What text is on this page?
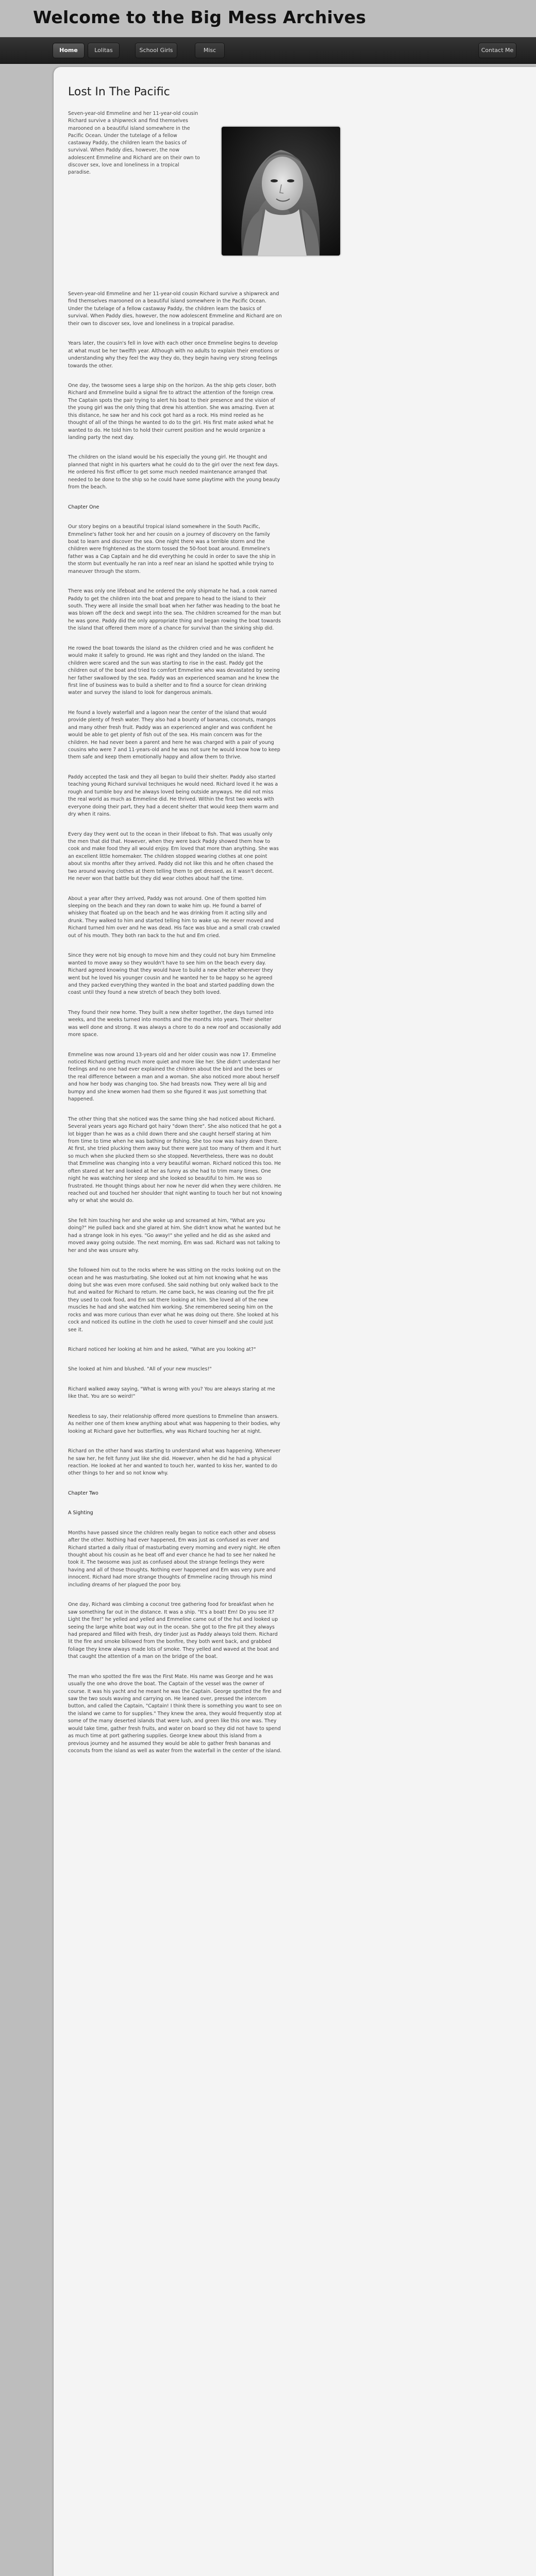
Welcome to the Big Mess Archives
Home	Lolitas	School Girls	Misc	Contact Me
Lost In The Pacific

Seven-year-old Emmeline and her 11-year-old cousin Richard survive a shipwreck and find themselves marooned on a beautiful island somewhere in the Pacific Ocean. Under the tutelage of a fellow castaway Paddy, the children learn the basics of survival. When Paddy dies, however, the now adolescent Emmeline and Richard are on their own to discover sex, love and loneliness in a tropical paradise.

Seven-year-old Emmeline and her 11-year-old cousin Richard survive a shipwreck and find themselves marooned on a beautiful island somewhere in the Pacific Ocean. Under the tutelage of a fellow castaway Paddy, the children learn the basics of survival. When Paddy dies, however, the now adolescent Emmeline and Richard are on their own to discover sex, love and loneliness in a tropical paradise.

Years later, the cousin's fell in love with each other once Emmeline begins to develop at what must be her twelfth year. Although with no adults to explain their emotions or understanding why they feel the way they do, they begin having very strong feelings towards the other.

One day, the twosome sees a large ship on the horizon. As the ship gets closer, both Richard and Emmeline build a signal fire to attract the attention of the foreign crew. The Captain spots the pair trying to alert his boat to their presence and the vision of the young girl was the only thing that drew his attention. She was amazing. Even at this distance, he saw her and his cock got hard as a rock. His mind reeled as he thought of all of the things he wanted to do to the girl. His first mate asked what he wanted to do. He told him to hold their current position and he would organize a landing party the next day.

The children on the island would be his especially the young girl. He thought and planned that night in his quarters what he could do to the girl over the next few days. He ordered his first officer to get some much needed maintenance arranged that needed to be done to the ship so he could have some playtime with the young beauty from the beach.

Chapter One

Our story begins on a beautiful tropical island somewhere in the South Pacific, Emmeline's father took her and her cousin on a journey of discovery on the family boat to learn and discover the sea. One night there was a terrible storm and the children were frightened as the storm tossed the 50-foot boat around. Emmeline's father was a Cap Captain and he did everything he could in order to save the ship in the storm but eventually he ran into a reef near an island he spotted while trying to maneuver through the storm.

There was only one lifeboat and he ordered the only shipmate he had, a cook named Paddy to get the children into the boat and prepare to head to the island to their south. They were all inside the small boat when her father was heading to the boat he was blown off the deck and swept into the sea. The children screamed for the man but he was gone. Paddy did the only appropriate thing and began rowing the boat towards the island that offered them more of a chance for survival than the sinking ship did.

He rowed the boat towards the island as the children cried and he was confident he would make it safely to ground. He was right and they landed on the island. The children were scared and the sun was starting to rise in the east. Paddy got the children out of the boat and tried to comfort Emmeline who was devastated by seeing her father swallowed by the sea. Paddy was an experienced seaman and he knew the first line of business was to build a shelter and to find a source for clean drinking water and survey the island to look for dangerous animals.

He found a lovely waterfall and a lagoon near the center of the island that would provide plenty of fresh water. They also had a bounty of bananas, coconuts, mangos and many other fresh fruit. Paddy was an experienced angler and was confident he would be able to get plenty of fish out of the sea. His main concern was for the children. He had never been a parent and here he was charged with a pair of young cousins who were 7 and 11-years-old and he was not sure he would know how to keep them safe and keep them emotionally happy and allow them to thrive.

Paddy accepted the task and they all began to build their shelter. Paddy also started teaching young Richard survival techniques he would need. Richard loved it he was a rough and tumble boy and he always loved being outside anyways. He did not miss the real world as much as Emmeline did. He thrived. Within the first two weeks with everyone doing their part, they had a decent shelter that would keep them warm and dry when it rains.

Every day they went out to the ocean in their lifeboat to fish. That was usually only the men that did that. However, when they were back Paddy showed them how to cook and make food they all would enjoy. Em loved that more than anything. She was an excellent little homemaker. The children stopped wearing clothes at one point about six months after they arrived. Paddy did not like this and he often chased the two around waving clothes at them telling them to get dressed, as it wasn't decent. He never won that battle but they did wear clothes about half the time.

About a year after they arrived, Paddy was not around. One of them spotted him sleeping on the beach and they ran down to wake him up. He found a barrel of whiskey that floated up on the beach and he was drinking from it acting silly and drunk. They walked to him and started telling him to wake up. He never moved and Richard turned him over and he was dead. His face was blue and a small crab crawled out of his mouth. They both ran back to the hut and Em cried.

Since they were not big enough to move him and they could not bury him Emmeline wanted to move away so they wouldn't have to see him on the beach every day. Richard agreed knowing that they would have to build a new shelter wherever they went but he loved his younger cousin and he wanted her to be happy so he agreed and they packed everything they wanted in the boat and started paddling down the coast until they found a new stretch of beach they both loved.

They found their new home. They built a new shelter together, the days turned into weeks, and the weeks turned into months and the months into years. Their shelter was well done and strong. It was always a chore to do a new roof and occasionally add more space.

Emmeline was now around 13-years old and her older cousin was now 17. Emmeline noticed Richard getting much more quiet and more like her. She didn't understand her feelings and no one had ever explained the children about the bird and the bees or the real difference between a man and a woman. She also noticed more about herself and how her body was changing too. She had breasts now. They were all big and bumpy and she knew women had them so she figured it was just something that happened.

The other thing that she noticed was the same thing she had noticed about Richard. Several years years ago Richard got hairy "down there". She also noticed that he got a lot bigger than he was as a child down there and she caught herself staring at him from time to time when he was bathing or fishing. She too now was hairy down there. At first, she tried plucking them away but there were just too many of them and it hurt so much when she plucked them so she stopped. Nevertheless, there was no doubt that Emmeline was changing into a very beautiful woman. Richard noticed this too. He often stared at her and looked at her as funny as she had to trim many times. One night he was watching her sleep and she looked so beautiful to him. He was so frustrated. He thought things about her now he never did when they were children. He reached out and touched her shoulder that night wanting to touch her but not knowing why or what she would do.

She felt him touching her and she woke up and screamed at him, "What are you doing?" He pulled back and she glared at him. She didn't know what he wanted but he had a strange look in his eyes. "Go away!" she yelled and he did as she asked and moved away going outside. The next morning, Em was sad. Richard was not talking to her and she was unsure why.

She followed him out to the rocks where he was sitting on the rocks looking out on the ocean and he was masturbating. She looked out at him not knowing what he was doing but she was even more confused. She said nothing but only walked back to the hut and waited for Richard to return. He came back, he was cleaning out the fire pit they used to cook food, and Em sat there looking at him. She loved all of the new muscles he had and she watched him working. She remembered seeing him on the rocks and was more curious than ever what he was doing out there. She looked at his cock and noticed its outline in the cloth he used to cover himself and she could just see it.

Richard noticed her looking at him and he asked, "What are you looking at?"

She looked at him and blushed. "All of your new muscles!"

Richard walked away saying, "What is wrong with you? You are always staring at me like that. You are so weird!"

Needless to say, their relationship offered more questions to Emmeline than answers. As neither one of them knew anything about what was happening to their bodies, why looking at Richard gave her butterflies, why was Richard touching her at night.

Richard on the other hand was starting to understand what was happening. Whenever he saw her, he felt funny just like she did. However, when he did he had a physical reaction. He looked at her and wanted to touch her, wanted to kiss her, wanted to do other things to her and so not know why.

Chapter Two

A Sighting

Months have passed since the children really began to notice each other and obsess after the other. Nothing had ever happened, Em was just as confused as ever and Richard started a daily ritual of masturbating every morning and every night. He often thought about his cousin as he beat off and ever chance he had to see her naked he took it. The twosome was just as confused about the strange feelings they were having and all of those thoughts. Nothing ever happened and Em was very pure and innocent. Richard had more strange thoughts of Emmeline racing through his mind including dreams of her plagued the poor boy.

One day, Richard was climbing a coconut tree gathering food for breakfast when he saw something far out in the distance. It was a ship. "It's a boat! Em! Do you see it? Light the fire!" he yelled and yelled and Emmeline came out of the hut and looked up seeing the large white boat way out in the ocean. She got to the fire pit they always had prepared and filled with fresh, dry tinder just as Paddy always told them. Richard lit the fire and smoke billowed from the bonfire, they both went back, and grabbed foliage they knew always made lots of smoke. They yelled and waved at the boat and that caught the attention of a man on the bridge of the boat.

The man who spotted the fire was the First Mate. His name was George and he was usually the one who drove the boat. The Captain of the vessel was the owner of course. It was his yacht and he meant he was the Captain. George spotted the fire and saw the two souls waving and carrying on. He leaned over, pressed the intercom button, and called the Captain, "Captain! I think there is something you want to see on the island we came to for supplies." They knew the area, they would frequently stop at some of the many deserted islands that were lush, and green like this one was. They would take time, gather fresh fruits, and water on board so they did not have to spend as much time at port gathering supplies. George knew about this island from a previous journey and he assumed they would be able to gather fresh bananas and coconuts from the island as well as water from the waterfall in the center of the island.
